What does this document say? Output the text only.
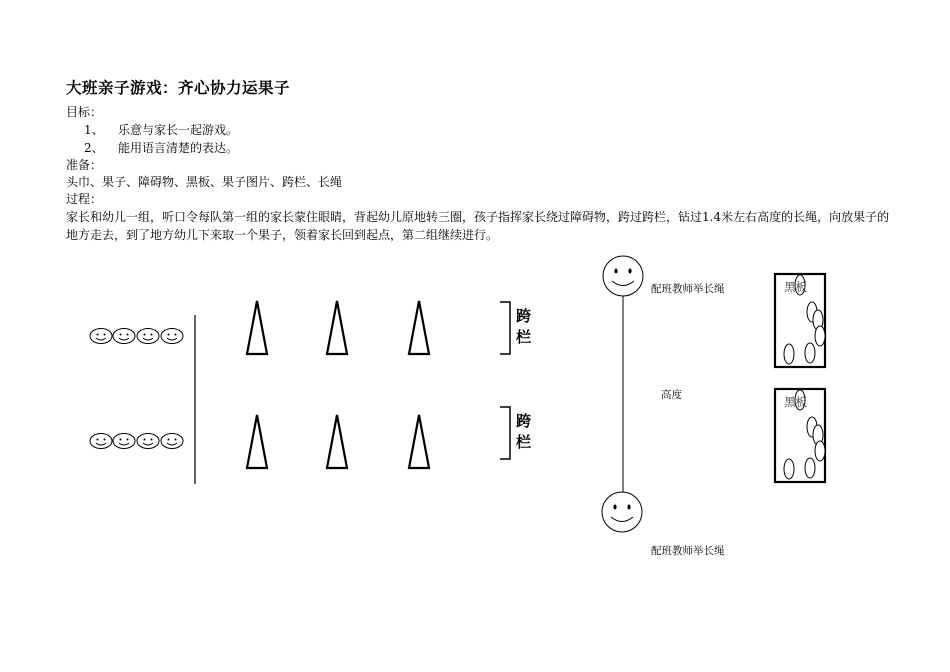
大班亲子游戏：齐心协力运果子
目标：
1、 乐意与家长一起游戏。
2、 能用语言清楚的表达。
准备：
头巾、果子、障碍物、黑板、果子图片、跨栏、长绳
过程：
家长和幼儿一组，听口令每队第一组的家长蒙住眼睛，背起幼儿原地转三圈，孩子指挥家长绕过障碍物，跨过跨栏，钻过1.4米左右高度的长绳，向放果子的地方走去，到了地方幼儿下来取一个果子，领着家长回到起点，第二组继续进行。
跨
栏
跨
栏
配班教师举长绳
高度
配班教师举长绳
黑板
黑板
